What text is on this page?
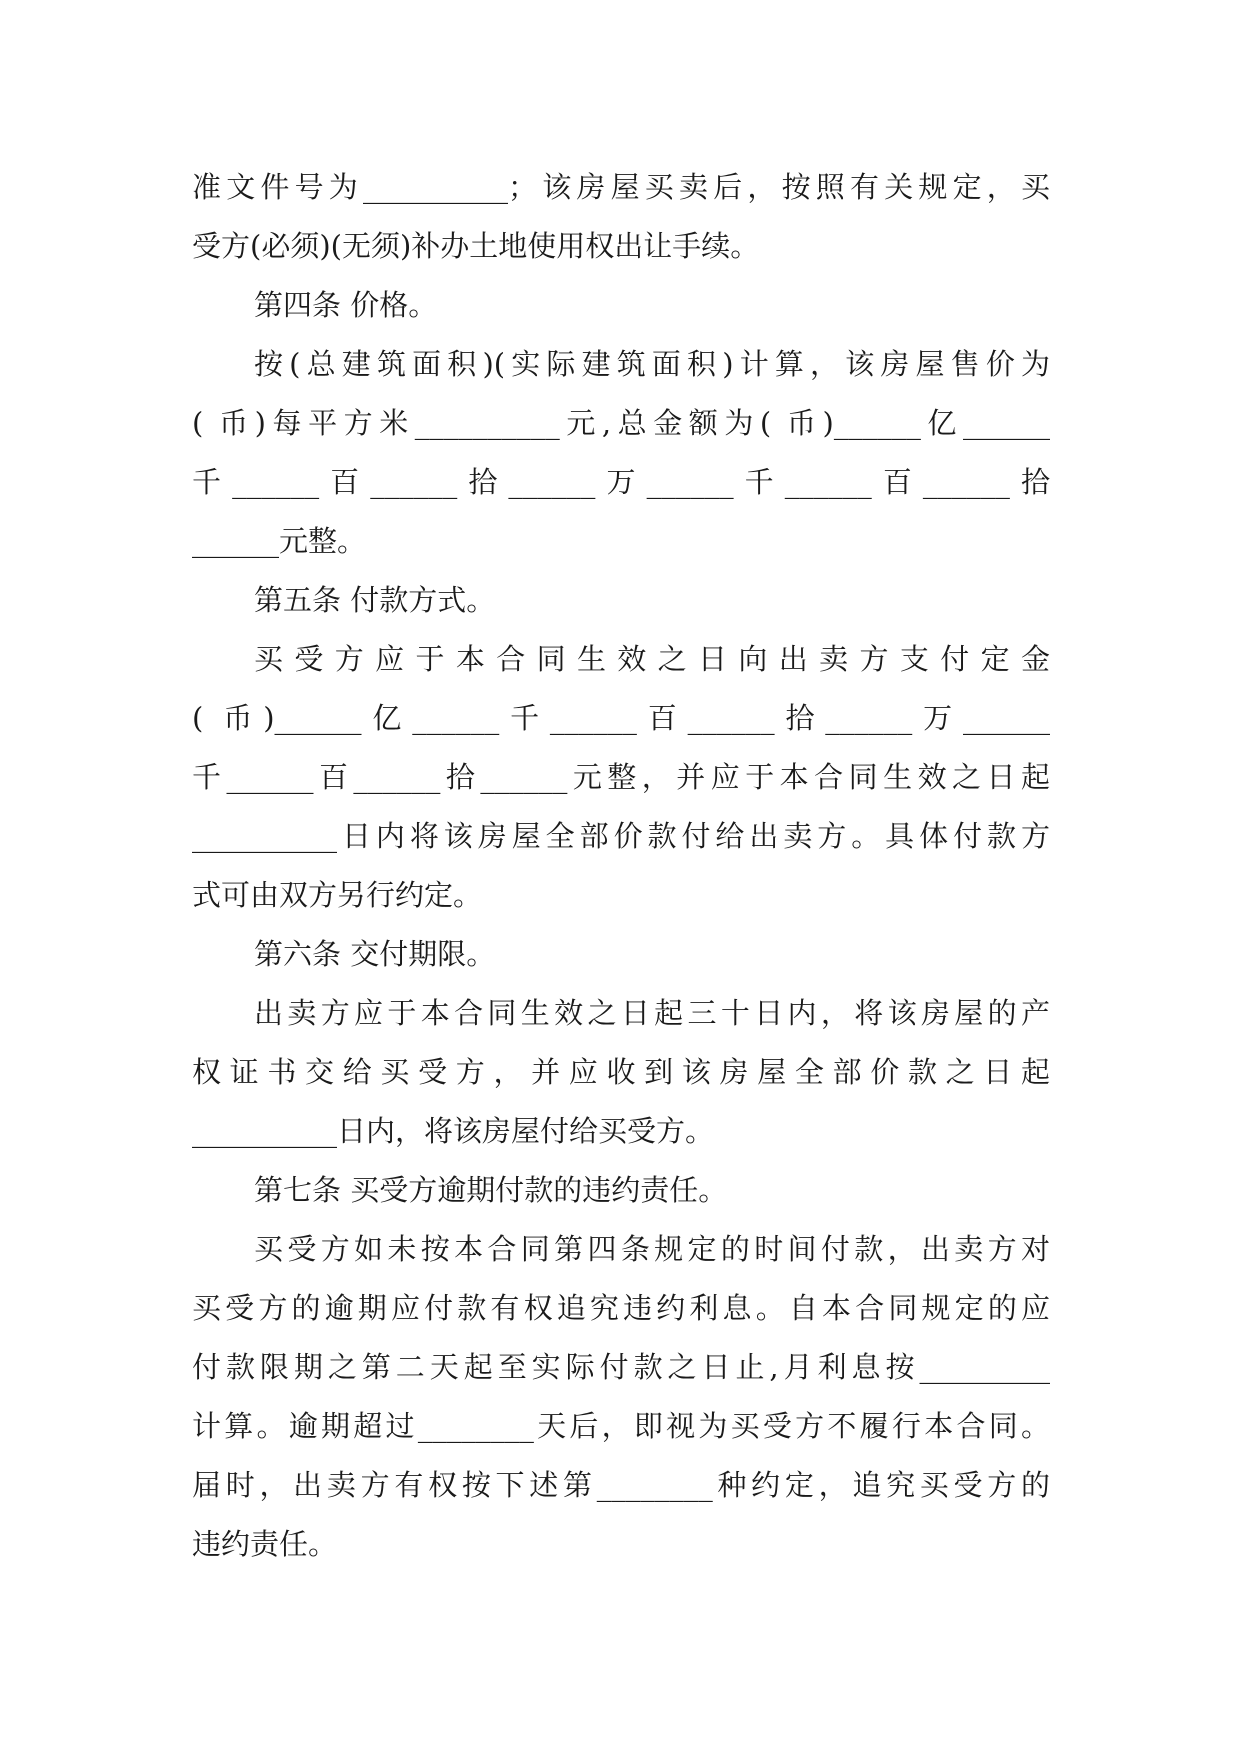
准文件号为__________；该房屋买卖后，按照有关规定，买
受方(必须)(无须)补办土地使用权出让手续。
第四条 价格。
按(总建筑面积)(实际建筑面积)计算，该房屋售价为
( 币)每平方米__________元,总金额为( 币)______亿______
千______百______拾______万______千______百______拾
______元整。
第五条 付款方式。
买受方应于本合同生效之日向出卖方支付定金
( 币)______亿______千______百______拾______万______
千______百______拾______元整，并应于本合同生效之日起
__________日内将该房屋全部价款付给出卖方。具体付款方
式可由双方另行约定。
第六条 交付期限。
出卖方应于本合同生效之日起三十日内，将该房屋的产
权证书交给买受方，并应收到该房屋全部价款之日起
__________日内，将该房屋付给买受方。
第七条 买受方逾期付款的违约责任。
买受方如未按本合同第四条规定的时间付款，出卖方对
买受方的逾期应付款有权追究违约利息。自本合同规定的应
付款限期之第二天起至实际付款之日止,月利息按_________
计算。逾期超过________天后，即视为买受方不履行本合同。
届时，出卖方有权按下述第________种约定，追究买受方的
违约责任。
